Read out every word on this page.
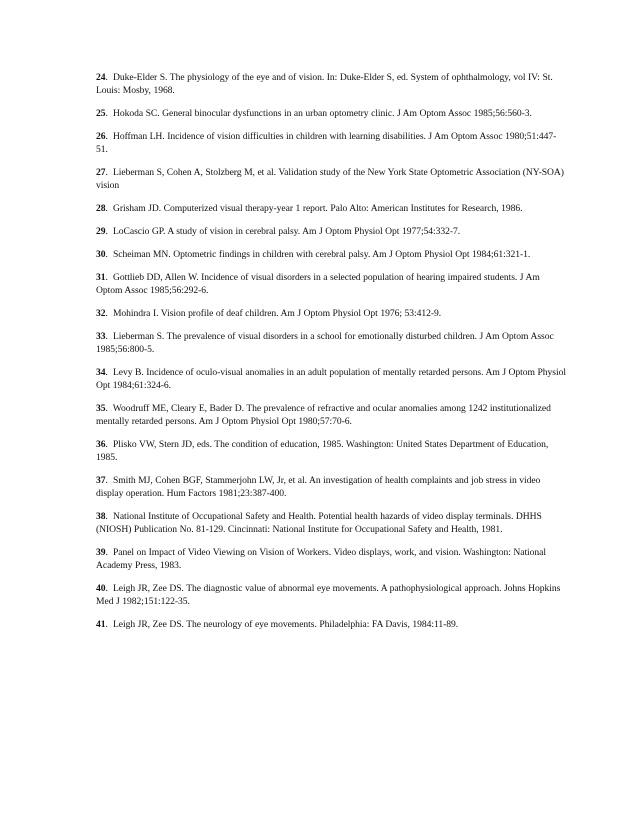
24.  Duke-Elder S. The physiology of the eye and of vision. In: Duke-Elder S, ed. System of ophthalmology, vol IV: St. Louis: Mosby, 1968.
25.  Hokoda SC. General binocular dysfunctions in an urban optometry clinic. J Am Optom Assoc 1985;56:560-3.
26.  Hoffman LH. Incidence of vision difficulties in children with learning disabilities. J Am Optom Assoc 1980;51:447-51.
27.  Lieberman S, Cohen A, Stolzberg M, et al. Validation study of the New York State Optometric Association (NY-SOA) vision
28.  Grisham JD. Computerized visual therapy-year 1 report. Palo Alto: American Institutes for Research, 1986.
29.  LoCascio GP. A study of vision in cerebral palsy. Am J Optom Physiol Opt 1977;54:332-7.
30.  Scheiman MN. Optometric findings in children with cerebral palsy. Am J Optom Physiol Opt 1984;61:321-1.
31.  Gottlieb DD, Allen W. Incidence of visual disorders in a selected population of hearing impaired students. J Am Optom Assoc 1985;56:292-6.
32.  Mohindra I. Vision profile of deaf children. Am J Optom Physiol Opt 1976; 53:412-9.
33.  Lieberman S. The prevalence of visual disorders in a school for emotionally disturbed children. J Am Optom Assoc 1985;56:800-5.
34.  Levy B. Incidence of oculo-visual anomalies in an adult population of mentally retarded persons. Am J Optom Physiol Opt 1984;61:324-6.
35.  Woodruff ME, Cleary E, Bader D. The prevalence of refractive and ocular anomalies among 1242 institutionalized mentally retarded persons. Am J Optom Physiol Opt 1980;57:70-6.
36.  Plisko VW, Stern JD, eds. The condition of education, 1985. Washington: United States Department of Education, 1985.
37.  Smith MJ, Cohen BGF, Stammerjohn LW, Jr, et al. An investigation of health complaints and job stress in video display operation. Hum Factors 1981;23:387-400.
38.  National Institute of Occupational Safety and Health. Potential health hazards of video display terminals. DHHS (NIOSH) Publication No. 81-129. Cincinnati: National Institute for Occupational Safety and Health, 1981.
39.  Panel on Impact of Video Viewing on Vision of Workers. Video displays, work, and vision. Washington: National Academy Press, 1983.
40.  Leigh JR, Zee DS. The diagnostic value of abnormal eye movements. A pathophysiological approach. Johns Hopkins Med J 1982;151:122-35.
41.  Leigh JR, Zee DS. The neurology of eye movements. Philadelphia: FA Davis, 1984:11-89.
